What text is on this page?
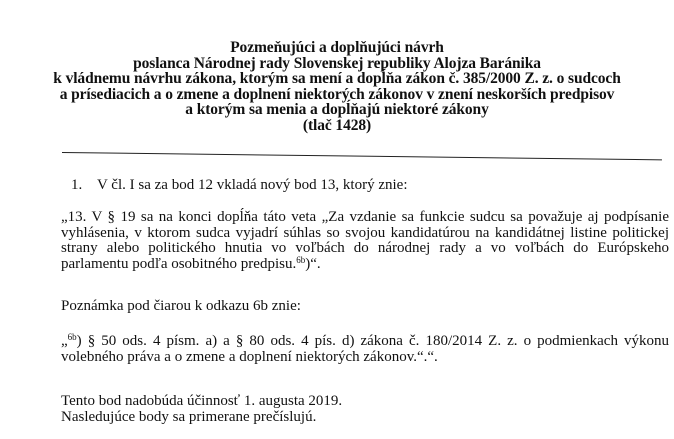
Pozmeňujúci a doplňujúci návrh
poslanca Národnej rady Slovenskej republiky Alojza Baránika
k vládnemu návrhu zákona, ktorým sa mení a dopĺňa zákon č. 385/2000 Z. z. o sudcoch
a prísediacich a o zmene a doplnení niektorých zákonov v znení neskorších predpisov
a ktorým sa menia a dopĺňajú niektoré zákony
(tlač 1428)
1. V čl. I sa za bod 12 vkladá nový bod 13, ktorý znie:
„13. V § 19 sa na konci dopĺňa táto veta „Za vzdanie sa funkcie sudcu sa považuje aj podpísanie
vyhlásenia, v ktorom sudca vyjadrí súhlas so svojou kandidatúrou na kandidátnej listine politickej
strany alebo politického hnutia vo voľbách do národnej rady a vo voľbách do Európskeho
parlamentu podľa osobitného predpisu.$^{6b}$)“.
Poznámka pod čiarou k odkazu 6b znie:
„$^{6b}$) § 50 ods. 4 písm. a) a § 80 ods. 4 pís. d) zákona č. 180/2014 Z. z. o podmienkach výkonu
volebného práva a o zmene a doplnení niektorých zákonov.“.“.
Tento bod nadobúda účinnosť 1. augusta 2019.
Nasledujúce body sa primerane prečíslujú.
